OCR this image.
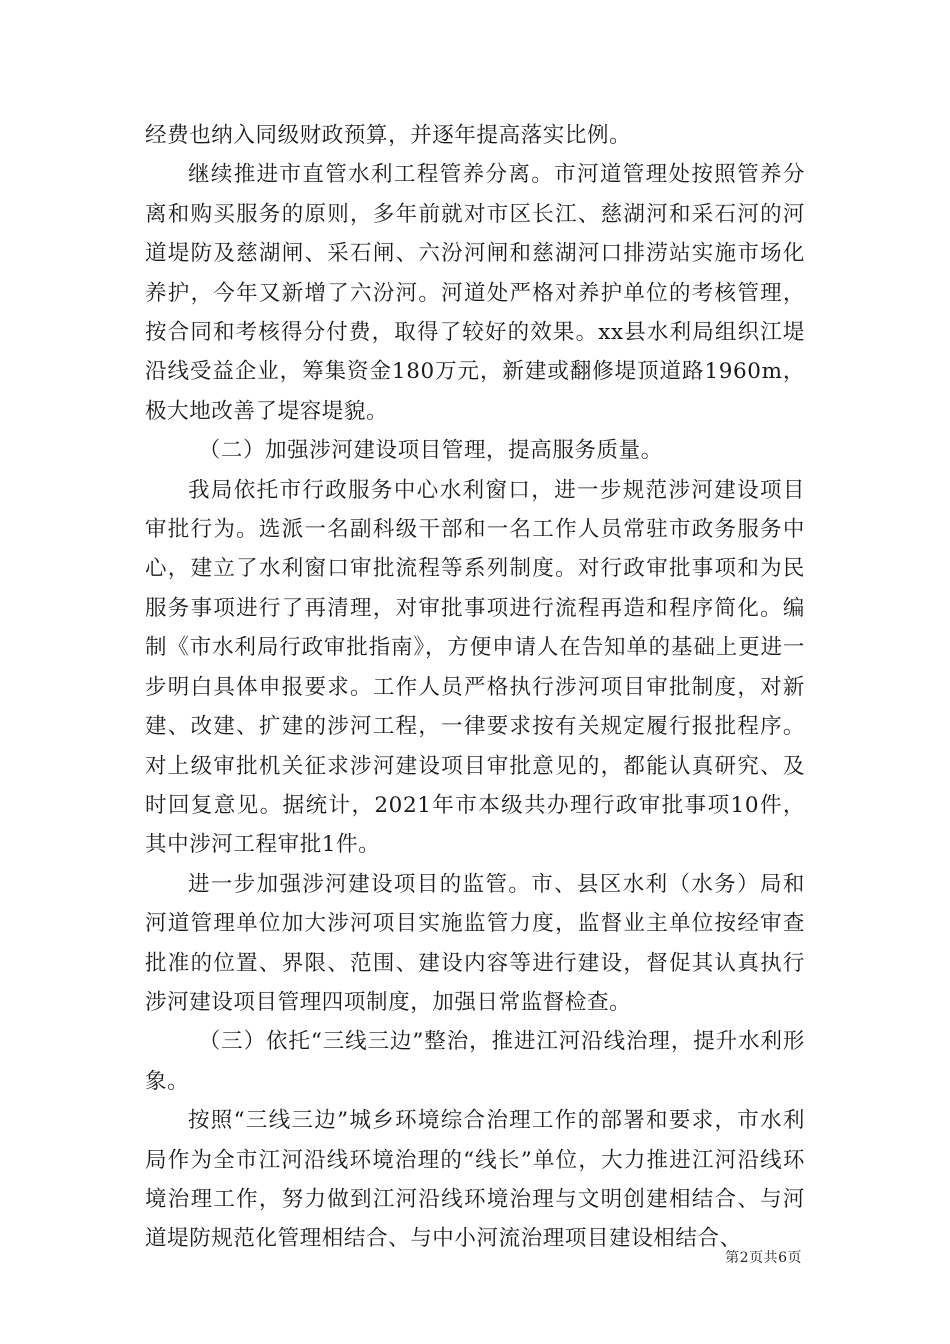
经费也纳入同级财政预算，并逐年提高落实比例。

继续推进市直管水利工程管养分离。市河道管理处按照管养分离和购买服务的原则，多年前就对市区长江、慈湖河和采石河的河道堤防及慈湖闸、采石闸、六汾河闸和慈湖河口排涝站实施市场化养护，今年又新增了六汾河。河道处严格对养护单位的考核管理，按合同和考核得分付费，取得了较好的效果。xx县水利局组织江堤沿线受益企业，筹集资金180万元，新建或翻修堤顶道路1960m，极大地改善了堤容堤貌。

（二）加强涉河建设项目管理，提高服务质量。

我局依托市行政服务中心水利窗口，进一步规范涉河建设项目审批行为。选派一名副科级干部和一名工作人员常驻市政务服务中心，建立了水利窗口审批流程等系列制度。对行政审批事项和为民服务事项进行了再清理，对审批事项进行流程再造和程序简化。编制《市水利局行政审批指南》，方便申请人在告知单的基础上更进一步明白具体申报要求。工作人员严格执行涉河项目审批制度，对新建、改建、扩建的涉河工程，一律要求按有关规定履行报批程序。对上级审批机关征求涉河建设项目审批意见的，都能认真研究、及时回复意见。据统计，2021年市本级共办理行政审批事项10件，其中涉河工程审批1件。

进一步加强涉河建设项目的监管。市、县区水利（水务）局和河道管理单位加大涉河项目实施监管力度，监督业主单位按经审查批准的位置、界限、范围、建设内容等进行建设，督促其认真执行涉河建设项目管理四项制度，加强日常监督检查。

（三）依托“三线三边”整治，推进江河沿线治理，提升水利形象。

按照“三线三边”城乡环境综合治理工作的部署和要求，市水利局作为全市江河沿线环境治理的“线长”单位，大力推进江河沿线环境治理工作，努力做到江河沿线环境治理与文明创建相结合、与河道堤防规范化管理相结合、与中小河流治理项目建设相结合、

第2页共6页
